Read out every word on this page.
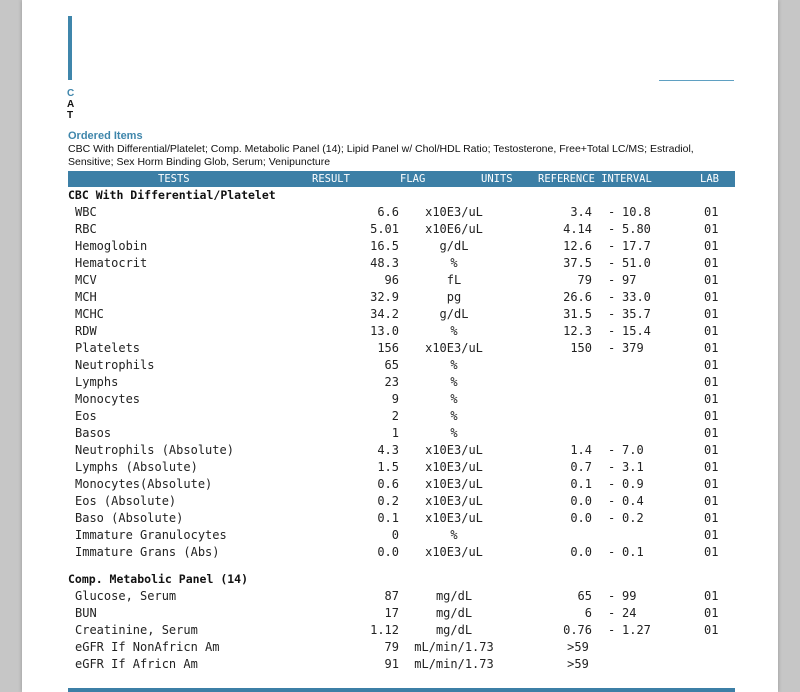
C
A
T
Ordered Items
CBC With Differential/Platelet; Comp. Metabolic Panel (14); Lipid Panel w/ Chol/HDL Ratio; Testosterone, Free+Total LC/MS; Estradiol, Sensitive; Sex Horm Binding Glob, Serum; Venipuncture
TESTS	RESULT	FLAG	UNITS REFERENCE INTERVAL	LAB
CBC With Differential/Platelet
WBC	6.6	x10E3/uL	3.4	10.8	01
-
RBC	5.01	x10E6/uL	4.14	5.80	01
-
Hemoglobin	16.5	g/dL	12.6	17.7	01
-
Hematocrit	48.3	%	37.5	51.0	01
-
MCV	96	fL	79	97	01
-
MCH	32.9	pg	26.6	33.0	01
-
MCHC	34.2	g/dL	31.5	35.7	01
-
RDW	13.0	%	12.3	15.4	01
-
Platelets	156	x10E3/uL	150	379	01
-
Neutrophils	65	%	01
Lymphs	23	%	01
Monocytes	9	%	01
Eos	2	%	01
Basos	1	%	01
Neutrophils (Absolute)	4.3	x10E3/uL	1.4	7.0	01
-
Lymphs (Absolute)	1.5	x10E3/uL	0.7	3.1	01
-
Monocytes(Absolute)	0.6	x10E3/uL	0.1	0.9	01
-
Eos (Absolute)	0.2	x10E3/uL	0.0	0.4	01
-
Baso (Absolute)	0.1	x10E3/uL	0.0	0.2	01
-
Immature Granulocytes	0	%	01
Immature Grans (Abs)	0.0	x10E3/uL	0.0	0.1	01
-
Comp. Metabolic Panel (14)
Glucose, Serum	87	mg/dL	65	99	01
-
BUN	17	mg/dL	6	24	01
-
Creatinine, Serum	1.12	mg/dL	0.76	1.27	01
-
eGFR If NonAfricn Am	79	mL/min/1.73	>59
eGFR If Africn Am	91	mL/min/1.73	>59
